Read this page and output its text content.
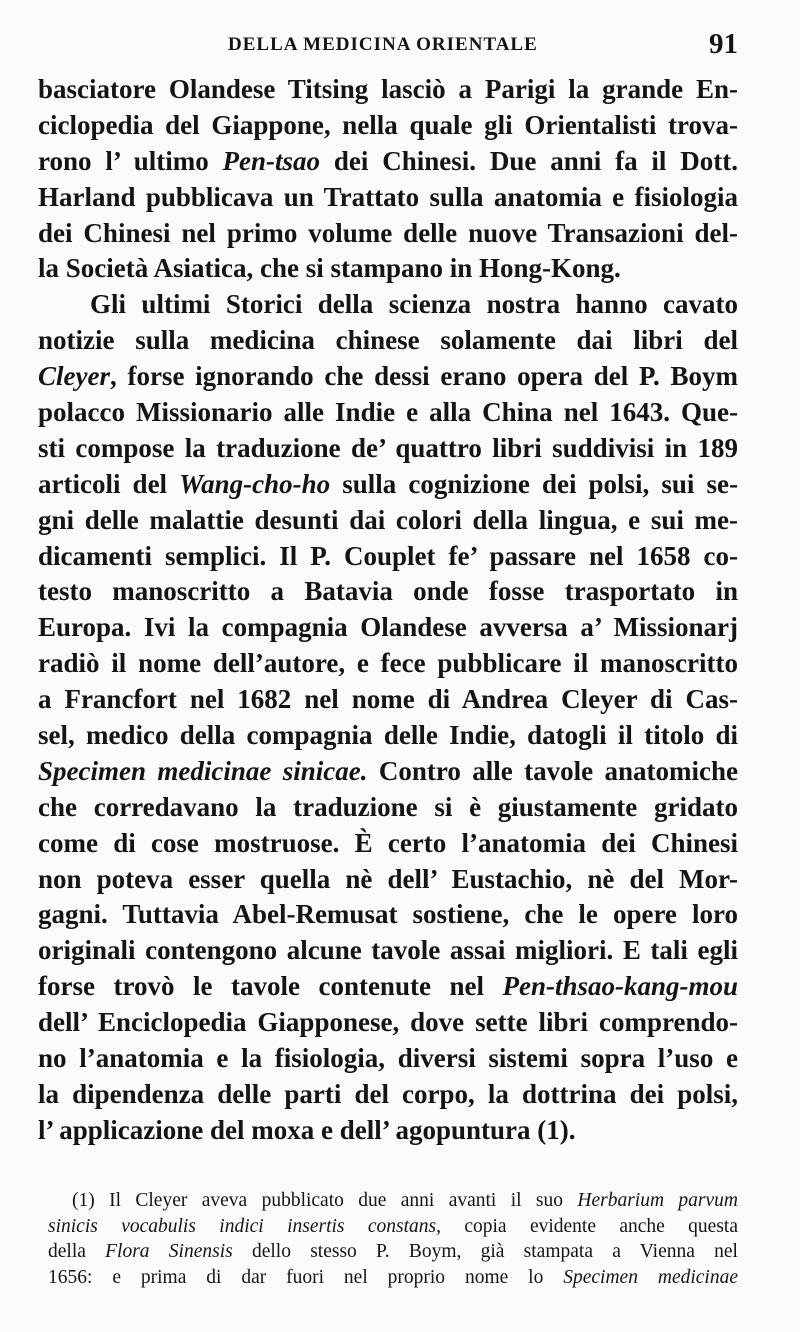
DELLA MEDICINA ORIENTALE	91
basciatore Olandese Titsing lasciò a Parigi la grande En-
ciclopedia del Giappone, nella quale gli Orientalisti trova-
rono l’ ultimo Pen-tsao dei Chinesi. Due anni fa il Dott.
Harland pubblicava un Trattato sulla anatomia e fisiologia
dei Chinesi nel primo volume delle nuove Transazioni del-
la Società Asiatica, che si stampano in Hong-Kong.
Gli ultimi Storici della scienza nostra hanno cavato
notizie sulla medicina chinese solamente dai libri del
Cleyer, forse ignorando che dessi erano opera del P. Boym
polacco Missionario alle Indie e alla China nel 1643. Que-
sti compose la traduzione de’ quattro libri suddivisi in 189
articoli del Wang-cho-ho sulla cognizione dei polsi, sui se-
gni delle malattie desunti dai colori della lingua, e sui me-
dicamenti semplici. Il P. Couplet fe’ passare nel 1658 co-
testo manoscritto a Batavia onde fosse trasportato in
Europa. Ivi la compagnia Olandese avversa a’ Missionarj
radiò il nome dell’autore, e fece pubblicare il manoscritto
a Francfort nel 1682 nel nome di Andrea Cleyer di Cas-
sel, medico della compagnia delle Indie, datogli il titolo di
Specimen medicinae sinicae. Contro alle tavole anatomiche
che corredavano la traduzione si è giustamente gridato
come di cose mostruose. È certo l’anatomia dei Chinesi
non poteva esser quella nè dell’ Eustachio, nè del Mor-
gagni. Tuttavia Abel-Remusat sostiene, che le opere loro
originali contengono alcune tavole assai migliori. E tali egli
forse trovò le tavole contenute nel Pen-thsao-kang-mou
dell’ Enciclopedia Giapponese, dove sette libri comprendo-
no l’anatomia e la fisiologia, diversi sistemi sopra l’uso e
la dipendenza delle parti del corpo, la dottrina dei polsi,
l’ applicazione del moxa e dell’ agopuntura (1).
(1) Il Cleyer aveva pubblicato due anni avanti il suo Herbarium parvum
sinicis vocabulis indici insertis constans, copia evidente anche questa
della Flora Sinensis dello stesso P. Boym, già stampata a Vienna nel
1656: e prima di dar fuori nel proprio nome lo Specimen medicinae
